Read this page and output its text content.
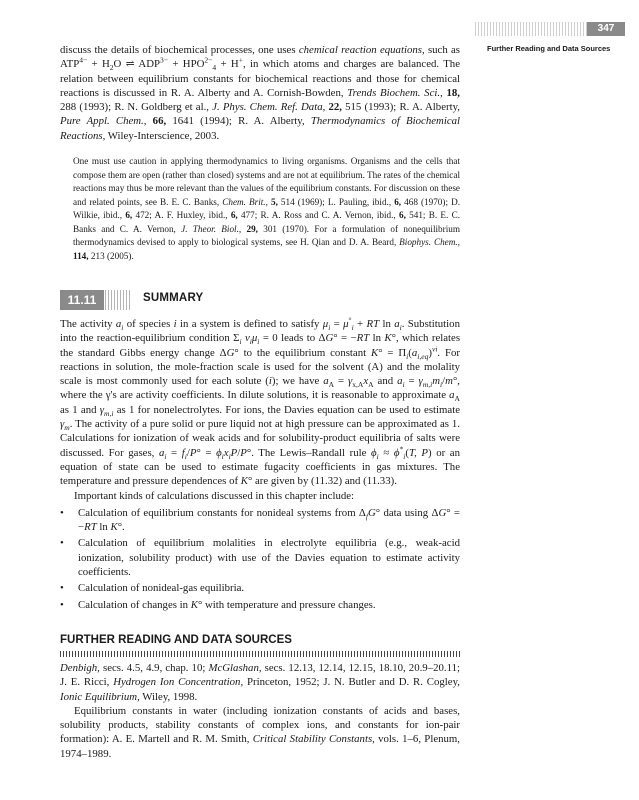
347
Further Reading and Data Sources

discuss the details of biochemical processes, one uses chemical reaction equations, such as $ATP^{4-} + H_2O$ ⇌ $ADP^{3-} + HPO^{2-}_4 + H^+$, in which atoms and charges are balanced. The relation between equilibrium constants for biochemical reactions and those for chemical reactions is discussed in R. A. Alberty and A. Cornish-Bowden, Trends Biochem. Sci., 18, 288 (1993); R. N. Goldberg et al., J. Phys. Chem. Ref. Data, 22, 515 (1993); R. A. Alberty, Pure Appl. Chem., 66, 1641 (1994); R. A. Alberty, Thermodynamics of Biochemical Reactions, Wiley-Interscience, 2003.

One must use caution in applying thermodynamics to living organisms. Organisms and the cells that compose them are open (rather than closed) systems and are not at equilibrium. The rates of the chemical reactions may thus be more relevant than the values of the equilibrium constants. For discussion on these and related points, see B. E. C. Banks, Chem. Brit., 5, 514 (1969); L. Pauling, ibid., 6, 468 (1970); D. Wilkie, ibid., 6, 472; A. F. Huxley, ibid., 6, 477; R. A. Ross and C. A. Vernon, ibid., 6, 541; B. E. C. Banks and C. A. Vernon, J. Theor. Biol., 29, 301 (1970). For a formulation of nonequilibrium thermodynamics devised to apply to biological systems, see H. Qian and D. A. Beard, Biophys. Chem., 114, 213 (2005).

11.11	SUMMARY

The activity $a_i$ of species i in a system is defined to satisfy $\mu_i = \mu^\circ_i$ + RT $\ln a_i$. Substitution into the reaction-equilibrium condition $\Sigma_i$ $\nu_i\mu_i = 0$ leads to ΔG° = −RT ln K°, which relates the standard Gibbs energy change ΔG° to the equilibrium constant $K^\circ = \Pi_i(a_{i,eq})^{\nu i}$. For reactions in solution, the mole-fraction scale is used for the solvent (A) and the molality scale is most commonly used for each solute (i); we have $a_A = \gamma_{x,A}x_A$ and $a_i = \gamma_{m,i}m_i/m^\circ$, where the γ's are activity coefficients. In dilute solutions, it is reasonable to approximate $a_A$ as 1 and $\gamma_{m,i}$ as 1 for nonelectrolytes. For ions, the Davies equation can be used to estimate $\gamma_m$. The activity of a pure solid or pure liquid not at high pressure can be approximated as 1. Calculations for ionization of weak acids and for solubility-product equilibria of salts were discussed. For gases, $a_i = f_i/P^\circ = \phi_ix_iP/P^\circ$. The Lewis–Randall rule $\phi_i \approx \phi^*_i(T$, P) or an equation of state can be used to estimate fugacity coefficients in gas mixtures. The temperature and pressure dependences of K° are given by (11.32) and (11.33).

Important kinds of calculations discussed in this chapter include:

• Calculation of equilibrium constants for nonideal systems from $\Delta_fG^\circ$ data using ΔG° = −RT ln K°.
• Calculation of equilibrium molalities in electrolyte equilibria (e.g., weak-acid ionization, solubility product) with use of the Davies equation to estimate activity coefficients.
• Calculation of nonideal-gas equilibria.
• Calculation of changes in K° with temperature and pressure changes.
FURTHER READING AND DATA SOURCES

Denbigh, secs. 4.5, 4.9, chap. 10; McGlashan, secs. 12.13, 12.14, 12.15, 18.10, 20.9–20.11; J. E. Ricci, Hydrogen Ion Concentration, Princeton, 1952; J. N. Butler and D. R. Cogley, Ionic Equilibrium, Wiley, 1998.

Equilibrium constants in water (including ionization constants of acids and bases, solubility products, stability constants of complex ions, and constants for ion-pair formation): A. E. Martell and R. M. Smith, Critical Stability Constants, vols. 1–6, Plenum, 1974–1989.
